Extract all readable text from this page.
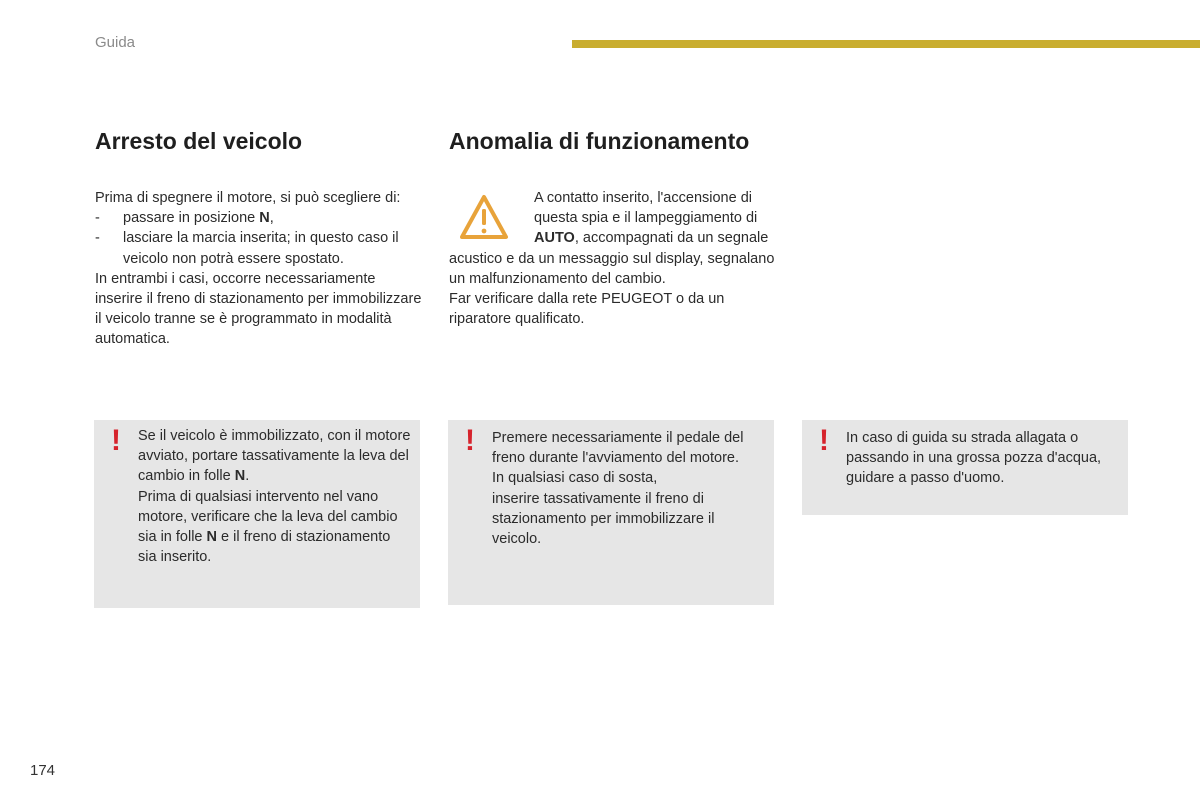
Guida
Arresto del veicolo

Prima di spegnere il motore, si può scegliere di:

- passare in posizione N,
- lasciare la marcia inserita; in questo caso il veicolo non potrà essere spostato.

In entrambi i casi, occorre necessariamente inserire il freno di stazionamento per immobilizzare il veicolo tranne se è programmato in modalità automatica.

Anomalia di funzionamento
A contatto inserito, l'accensione di questa spia e il lampeggiamento di AUTO, accompagnati da un segnale acustico e da un messaggio sul display, segnalano un malfunzionamento del cambio.

Far verificare dalla rete PEUGEOT o da un riparatore qualificato.

! Se il veicolo è immobilizzato, con il motore avviato, portare tassativamente la leva del cambio in folle N.

Prima di qualsiasi intervento nel vano motore, verificare che la leva del cambio sia in folle N e il freno di stazionamento sia inserito.

! Premere necessariamente il pedale del freno durante l'avviamento del motore.

In qualsiasi caso di sosta,

inserire tassativamente il freno di stazionamento per immobilizzare il veicolo.

! In caso di guida su strada allagata o passando in una grossa pozza d'acqua, guidare a passo d'uomo.

174
